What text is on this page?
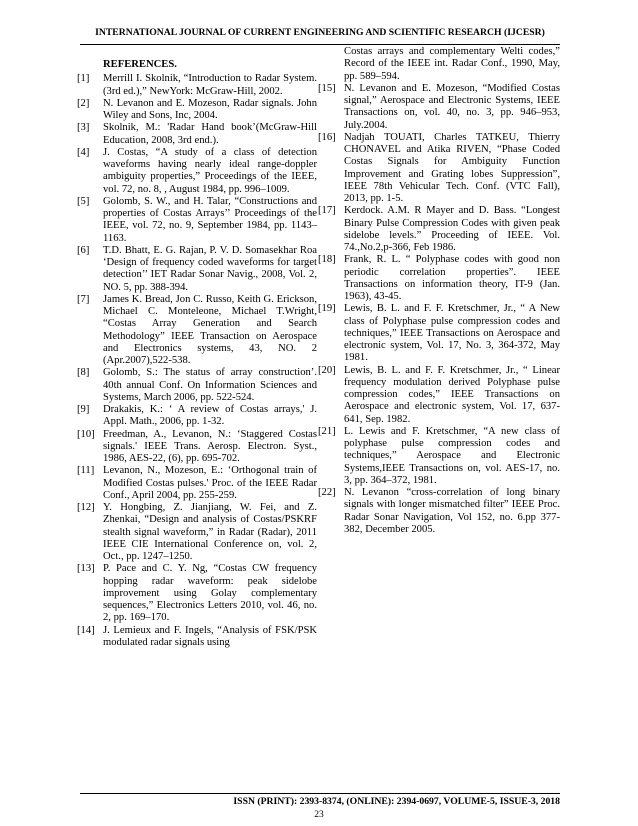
INTERNATIONAL JOURNAL OF CURRENT ENGINEERING AND SCIENTIFIC RESEARCH (IJCESR)
REFERENCES.
[1] Merrill I. Skolnik, “Introduction to Radar System.(3rd ed.),” NewYork: McGraw-Hill, 2002.
[2] N. Levanon and E. Mozeson, Radar signals. John Wiley and Sons, Inc, 2004.
[3] Skolnik, M.: 'Radar Hand book’(McGraw-Hill Education, 2008, 3rd end.).
[4] J. Costas, “A study of a class of detection waveforms having nearly ideal range-doppler ambiguity properties,” Proceedings of the IEEE, vol. 72, no. 8, , August 1984, pp. 996–1009.
[5] Golomb, S. W., and H. Talar, “Constructions and properties of Costas Arrays’’ Proceedings of the IEEE, vol. 72, no. 9, September 1984, pp. 1143–1163.
[6] T.D. Bhatt, E. G. Rajan, P. V. D. Somasekhar Roa ‘Design of frequency coded waveforms for target detection’’ IET Radar Sonar Navig., 2008, Vol. 2, NO. 5, pp. 388-394.
[7] James K. Bread, Jon C. Russo, Keith G. Erickson, Michael C. Monteleone, Michael T.Wright, “Costas Array Generation and Search Methodology” IEEE Transaction on Aerospace and Electronics systems, 43, NO. 2 (Apr.2007),522-538.
[8] Golomb, S.: The status of array construction’. 40th annual Conf. On Information Sciences and Systems, March 2006, pp. 522-524.
[9] Drakakis, K.: ‘ A review of Costas arrays,' J. Appl. Math., 2006, pp. 1-32.
[10] Freedman, A., Levanon, N.: ‘Staggered Costas signals.' IEEE Trans. Aerosp. Electron. Syst., 1986, AES-22, (6), pp. 695-702.
[11] Levanon, N., Mozeson, E.: ‘Orthogonal train of Modified Costas pulses.' Proc. of the IEEE Radar Conf., April 2004, pp. 255-259.
[12] Y. Hongbing, Z. Jianjiang, W. Fei, and Z. Zhenkai, “Design and analysis of Costas/PSKRF stealth signal waveform,” in Radar (Radar), 2011 IEEE CIE International Conference on, vol. 2, Oct., pp. 1247–1250.
[13] P. Pace and C. Y. Ng, “Costas CW frequency hopping radar waveform: peak sidelobe improvement using Golay complementary sequences,” Electronics Letters 2010, vol. 46, no. 2, pp. 169–170.
[14] J. Lemieux and F. Ingels, “Analysis of FSK/PSK modulated radar signals using
Costas arrays and complementary Welti codes,” Record of the IEEE int. Radar Conf., 1990, May, pp. 589–594.
[15] N. Levanon and E. Mozeson, “Modified Costas signal,” Aerospace and Electronic Systems, IEEE Transactions on, vol. 40, no. 3, pp. 946–953, July.2004.
[16] Nadjah TOUATI, Charles TATKEU, Thierry CHONAVEL and Atika RIVEN, “Phase Coded Costas Signals for Ambiguity Function Improvement and Grating lobes Suppression”, IEEE 78th Vehicular Tech. Conf. (VTC Fall), 2013, pp. 1-5.
[17] Kerdock. A.M. R Mayer and D. Bass. “Longest Binary Pulse Compression Codes with given peak sidelobe levels.” Proceeding of IEEE. Vol. 74.,No.2,p-366, Feb 1986.
[18] Frank, R. L. “ Polyphase codes with good non periodic correlation properties”. IEEE Transactions on information theory, IT-9 (Jan. 1963), 43-45.
[19] Lewis, B. L. and F. F. Kretschmer, Jr., “ A New class of Polyphase pulse compression codes and techniques,” IEEE Transactions on Aerospace and electronic system, Vol. 17, No. 3, 364-372, May 1981.
[20] Lewis, B. L. and F. F. Kretschmer, Jr., “ Linear frequency modulation derived Polyphase pulse compression codes,” IEEE Transactions on Aerospace and electronic system, Vol. 17, 637-641, Sep. 1982.
[21] L. Lewis and F. Kretschmer, “A new class of polyphase pulse compression codes and techniques,” Aerospace and Electronic Systems,IEEE Transactions on, vol. AES-17, no. 3, pp. 364–372, 1981.
[22] N. Levanon “cross-correlation of long binary signals with longer mismatched filter” IEEE Proc. Radar Sonar Navigation, Vol 152, no. 6.pp 377-382, December 2005.
ISSN (PRINT): 2393-8374, (ONLINE): 2394-0697, VOLUME-5, ISSUE-3, 2018
23
